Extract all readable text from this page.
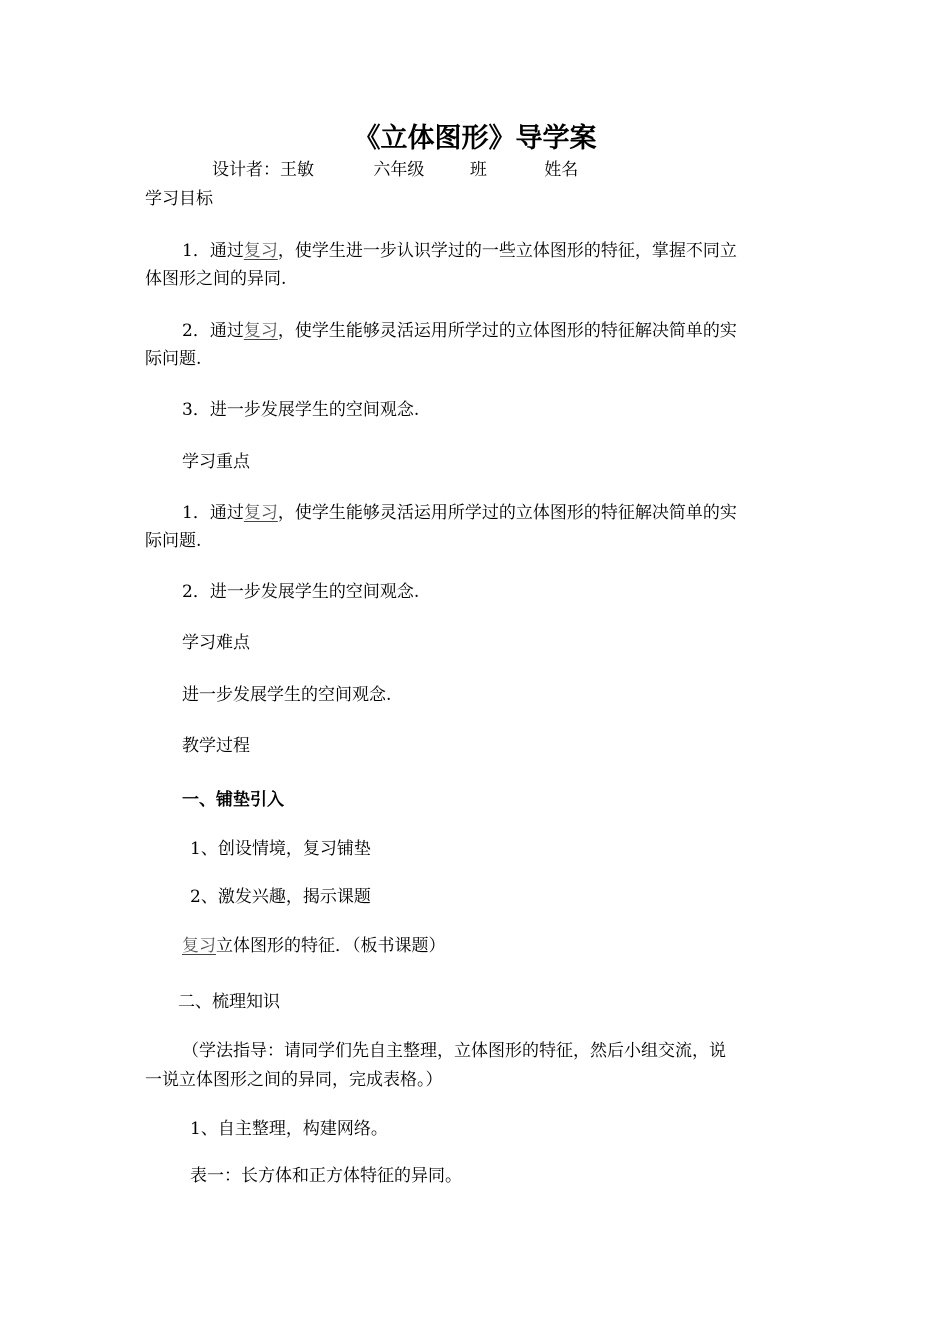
《立体图形》导学案
设计者：王敏	六年级	班	姓名
学习目标
1．通过复习，使学生进一步认识学过的一些立体图形的特征，掌握不同立
体图形之间的异同.
2．通过复习，使学生能够灵活运用所学过的立体图形的特征解决简单的实
际问题.
3．进一步发展学生的空间观念.
学习重点
1．通过复习，使学生能够灵活运用所学过的立体图形的特征解决简单的实
际问题.
2．进一步发展学生的空间观念.
学习难点
进一步发展学生的空间观念.
教学过程
一、铺垫引入
1、创设情境，复习铺垫
2、激发兴趣，揭示课题
复习立体图形的特征．（板书课题）
二、梳理知识
（学法指导：请同学们先自主整理，立体图形的特征，然后小组交流，说
一说立体图形之间的异同，完成表格。）
1、自主整理，构建网络。
表一：长方体和正方体特征的异同。
